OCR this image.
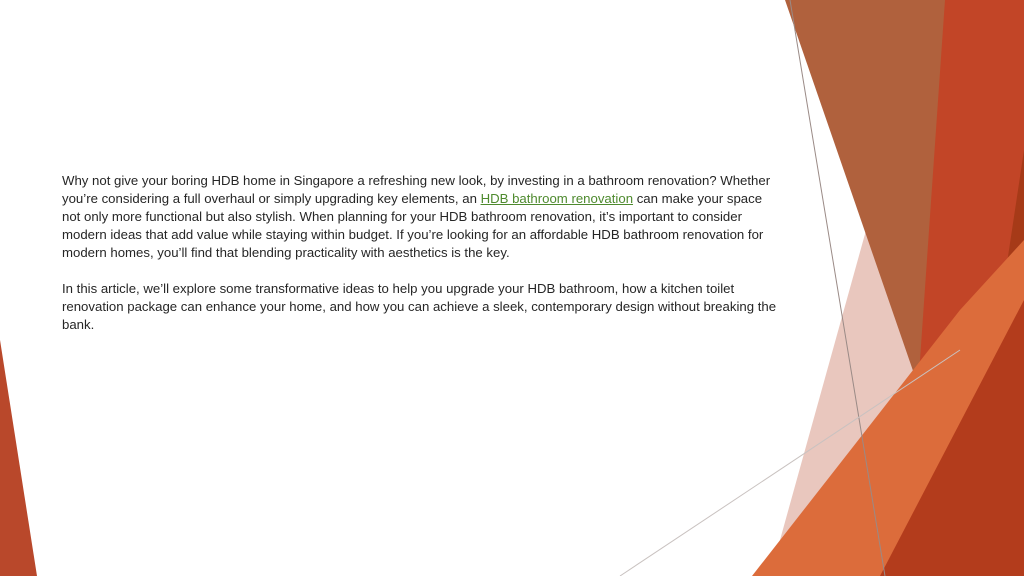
Why not give your boring HDB home in Singapore a refreshing new look, by investing in a bathroom renovation? Whether you’re considering a full overhaul or simply upgrading key elements, an HDB bathroom renovation can make your space not only more functional but also stylish. When planning for your HDB bathroom renovation, it’s important to consider modern ideas that add value while staying within budget. If you’re looking for an affordable HDB bathroom renovation for modern homes, you’ll find that blending practicality with aesthetics is the key.

In this article, we’ll explore some transformative ideas to help you upgrade your HDB bathroom, how a kitchen toilet renovation package can enhance your home, and how you can achieve a sleek, contemporary design without breaking the bank.
